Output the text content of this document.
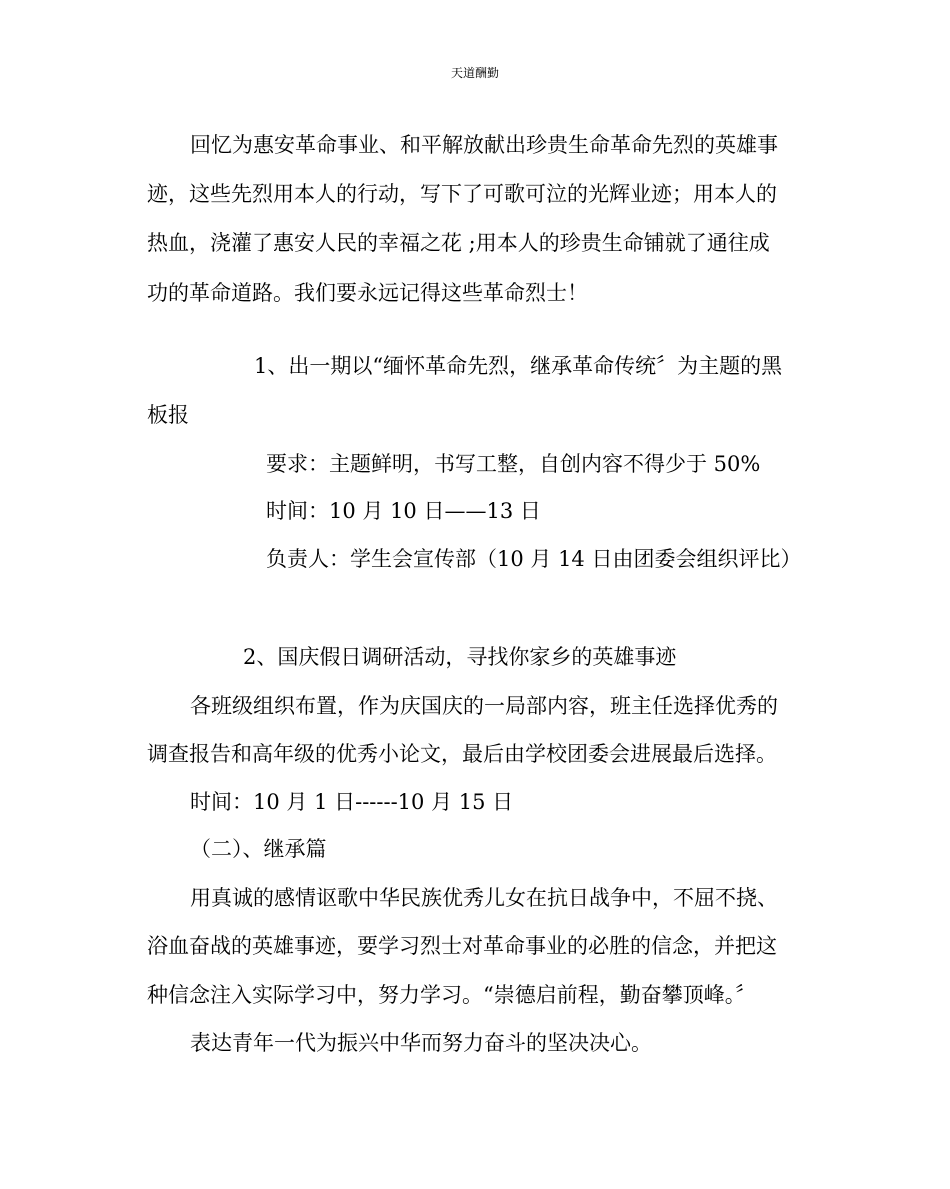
天道酬勤
回忆为惠安革命事业、和平解放献出珍贵生命革命先烈的英雄事
迹，这些先烈用本人的行动，写下了可歌可泣的光辉业迹；用本人的
热血，浇灌了惠安人民的幸福之花 ;用本人的珍贵生命铺就了通往成
功的革命道路。我们要永远记得这些革命烈士！
1、出一期以“缅怀革命先烈，继承革命传统〞为主题的黑
板报
要求：主题鲜明，书写工整，自创内容不得少于 50%
时间：10 月 10 日——13 日
负责人：学生会宣传部（10 月 14 日由团委会组织评比）
2、国庆假日调研活动，寻找你家乡的英雄事迹
各班级组织布置，作为庆国庆的一局部内容，班主任选择优秀的
调查报告和高年级的优秀小论文，最后由学校团委会进展最后选择。
时间：10 月 1 日------10 月 15 日
（二）、继承篇
用真诚的感情讴歌中华民族优秀儿女在抗日战争中，不屈不挠、
浴血奋战的英雄事迹，要学习烈士对革命事业的必胜的信念，并把这
种信念注入实际学习中，努力学习。“崇德启前程，勤奋攀顶峰。〞
表达青年一代为振兴中华而努力奋斗的坚决决心。
